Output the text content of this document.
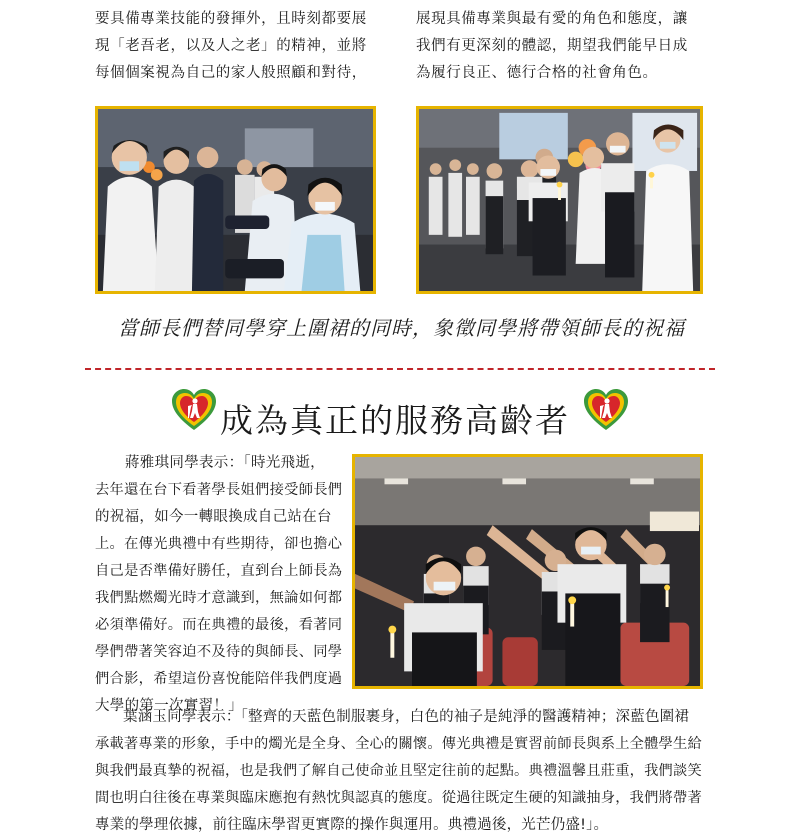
要具備專業技能的發揮外，且時刻都要展
現「老吾老，以及人之老」的精神，並將
每個個案視為自己的家人般照顧和對待，
展現具備專業與最有愛的角色和態度，讓
我們有更深刻的體認，期望我們能早日成
為履行良正、德行合格的社會角色。
當師長們替同學穿上圍裙的同時，象徵同學將帶領師長的祝福
成為真正的服務高齡者
蔣雅琪同學表示：「時光飛逝，
去年還在台下看著學長姐們接受師長們
的祝福，如今一轉眼換成自己站在台
上。在傳光典禮中有些期待，卻也擔心
自己是否準備好勝任，直到台上師長為
我們點燃燭光時才意識到，無論如何都
必須準備好。而在典禮的最後，看著同
學們帶著笑容迫不及待的與師長、同學
們合影，希望這份喜悅能陪伴我們度過
大學的第一次實習！」
葉涵玉同學表示：「整齊的天藍色制服裹身，白色的袖子是純淨的醫護精神；深藍色圍裙
承載著專業的形象，手中的燭光是全身、全心的關懷。傳光典禮是實習前師長與系上全體學生給
與我們最真摯的祝福，也是我們了解自己使命並且堅定往前的起點。典禮溫馨且莊重，我們談笑
間也明白往後在專業與臨床應抱有熱忱與認真的態度。從過往既定生硬的知識抽身，我們將帶著
專業的學理依據，前往臨床學習更實際的操作與運用。典禮過後，光芒仍盛!」。
